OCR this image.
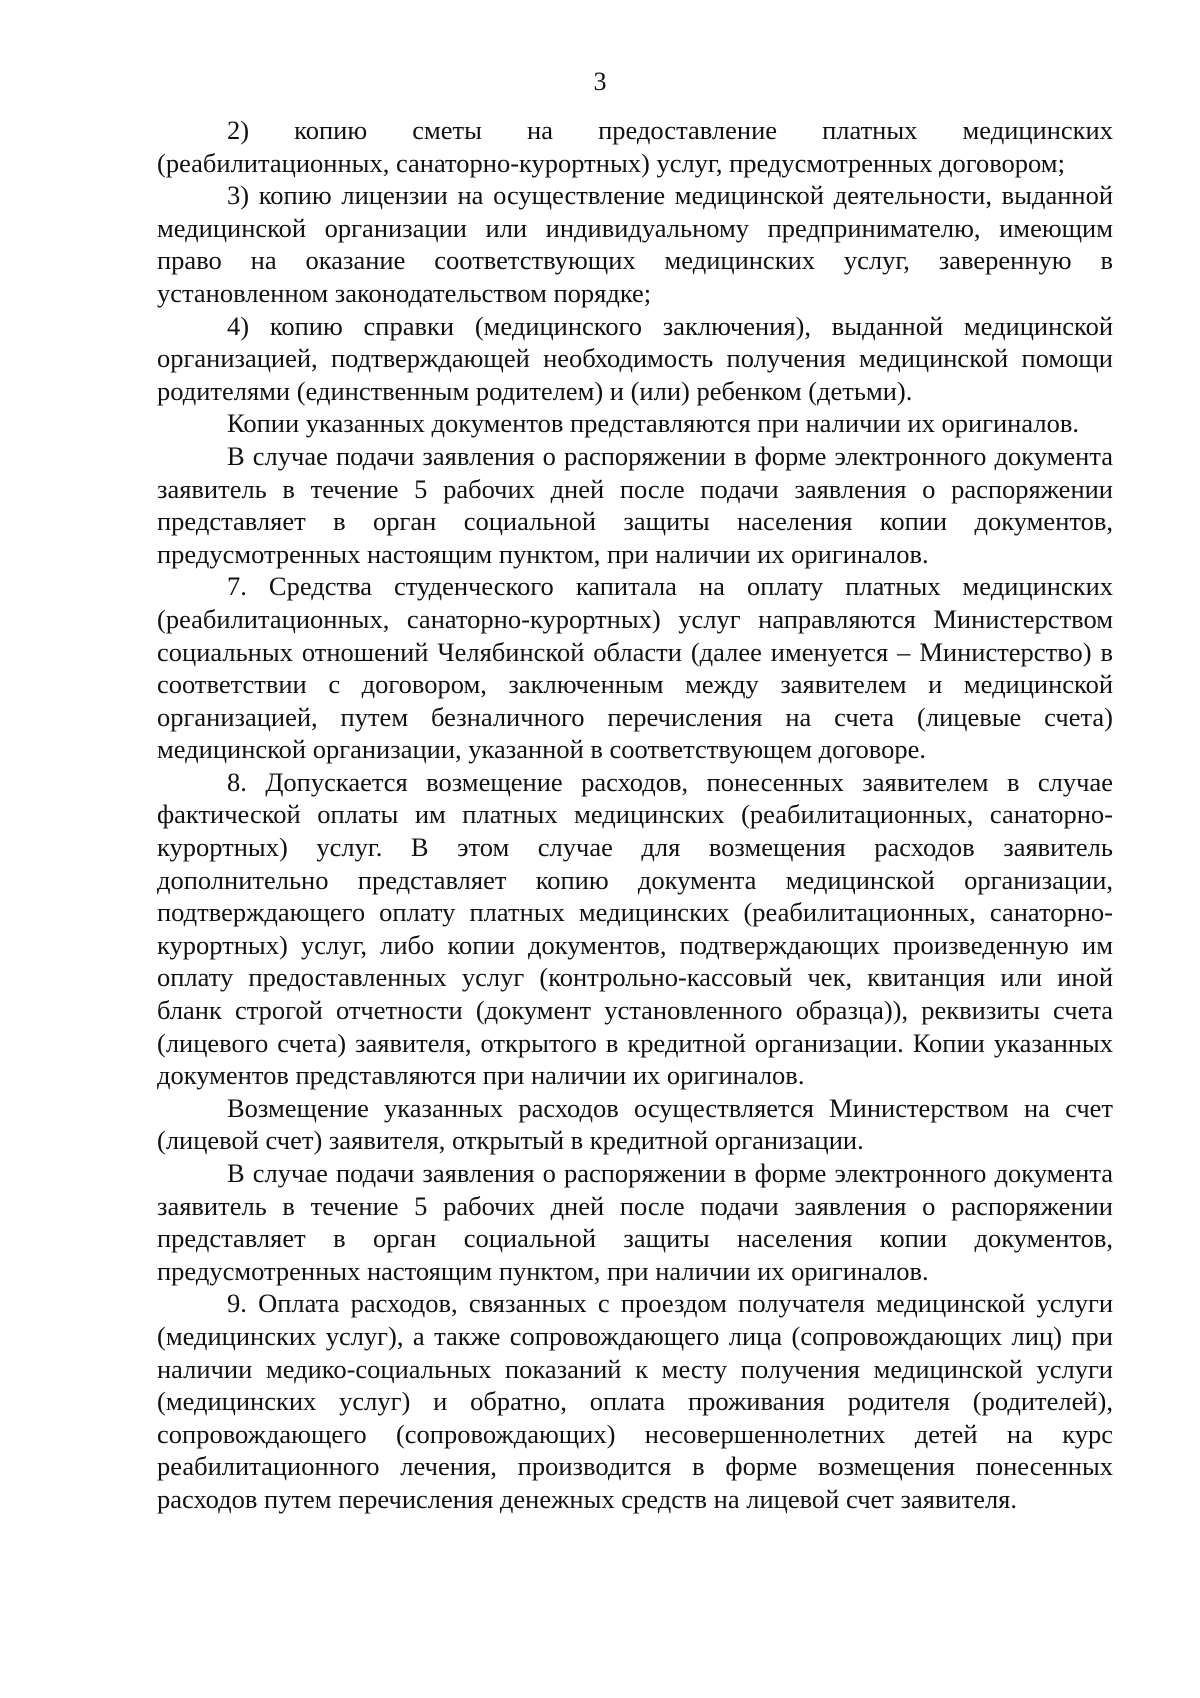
3

2) копию сметы на предоставление платных медицинских (реабилитационных, санаторно-курортных) услуг, предусмотренных договором;

3) копию лицензии на осуществление медицинской деятельности, выданной медицинской организации или индивидуальному предпринимателю, имеющим право на оказание соответствующих медицинских услуг, заверенную в установленном законодательством порядке;

4) копию справки (медицинского заключения), выданной медицинской организацией, подтверждающей необходимость получения медицинской помощи родителями (единственным родителем) и (или) ребенком (детьми).

Копии указанных документов представляются при наличии их оригиналов.

В случае подачи заявления о распоряжении в форме электронного документа заявитель в течение 5 рабочих дней после подачи заявления о распоряжении представляет в орган социальной защиты населения копии документов, предусмотренных настоящим пунктом, при наличии их оригиналов.

7. Средства студенческого капитала на оплату платных медицинских (реабилитационных, санаторно-курортных) услуг направляются Министерством социальных отношений Челябинской области (далее именуется – Министерство) в соответствии с договором, заключенным между заявителем и медицинской организацией, путем безналичного перечисления на счета (лицевые счета) медицинской организации, указанной в соответствующем договоре.

8. Допускается возмещение расходов, понесенных заявителем в случае фактической оплаты им платных медицинских (реабилитационных, санаторно-курортных) услуг. В этом случае для возмещения расходов заявитель дополнительно представляет копию документа медицинской организации, подтверждающего оплату платных медицинских (реабилитационных, санаторно-курортных) услуг, либо копии документов, подтверждающих произведенную им оплату предоставленных услуг (контрольно-кассовый чек, квитанция или иной бланк строгой отчетности (документ установленного образца)), реквизиты счета (лицевого счета) заявителя, открытого в кредитной организации. Копии указанных документов представляются при наличии их оригиналов.

Возмещение указанных расходов осуществляется Министерством на счет (лицевой счет) заявителя, открытый в кредитной организации.

В случае подачи заявления о распоряжении в форме электронного документа заявитель в течение 5 рабочих дней после подачи заявления о распоряжении представляет в орган социальной защиты населения копии документов, предусмотренных настоящим пунктом, при наличии их оригиналов.

9. Оплата расходов, связанных с проездом получателя медицинской услуги (медицинских услуг), а также сопровождающего лица (сопровождающих лиц) при наличии медико-социальных показаний к месту получения медицинской услуги (медицинских услуг) и обратно, оплата проживания родителя (родителей), сопровождающего (сопровождающих) несовершеннолетних детей на курс реабилитационного лечения, производится в форме возмещения понесенных расходов путем перечисления денежных средств на лицевой счет заявителя.
